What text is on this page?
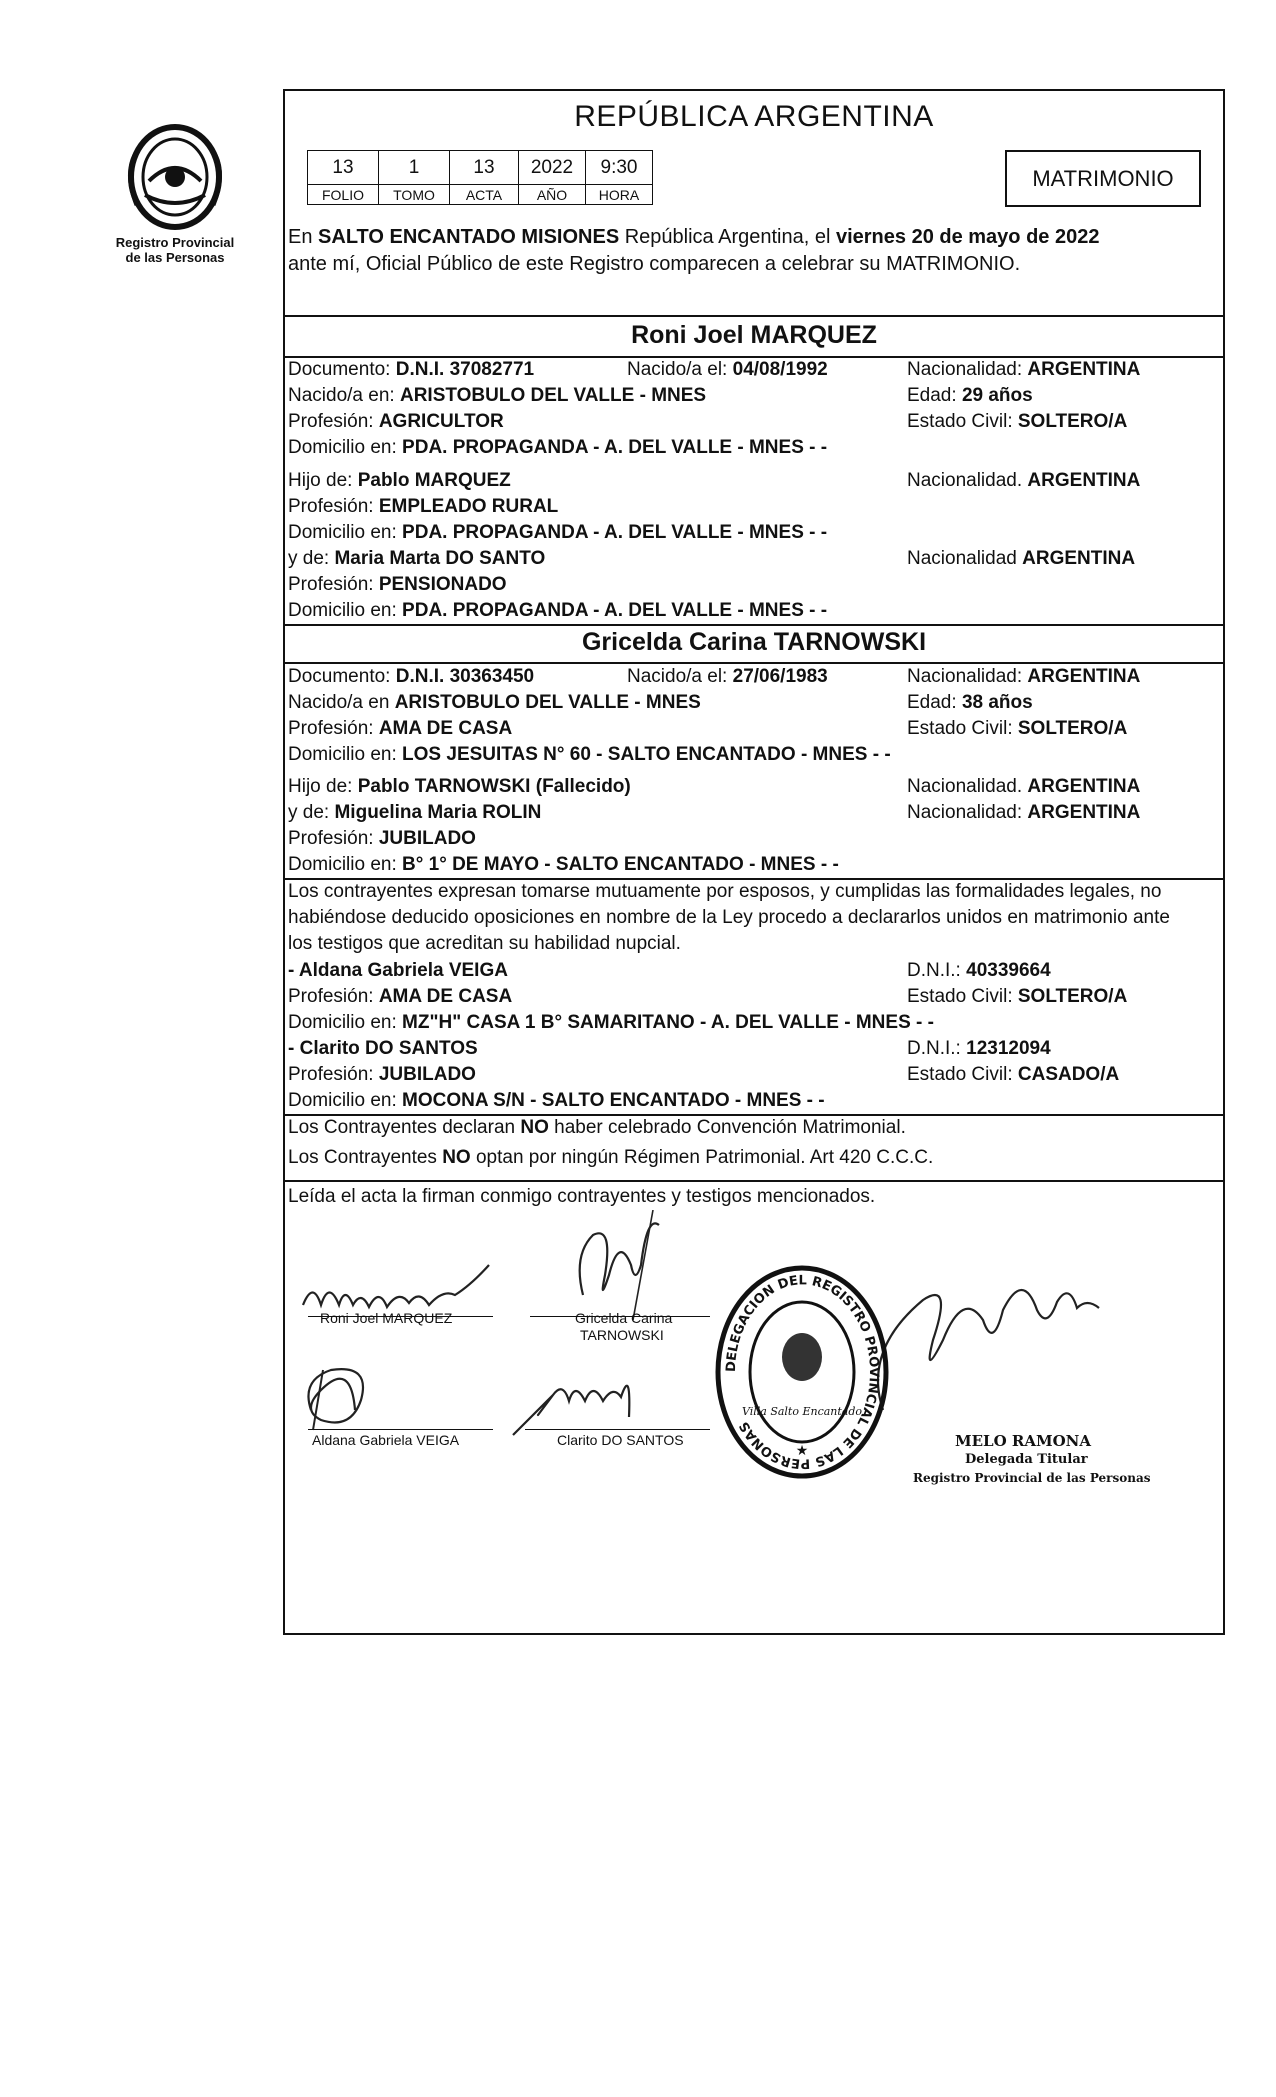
Registro Provincial
de las Personas
REPÚBLICA ARGENTINA
13	1	13	2022	9:30
FOLIO	TOMO	ACTA	AÑO	HORA
MATRIMONIO
En SALTO ENCANTADO MISIONES República Argentina, el viernes 20 de mayo de 2022
ante mí, Oficial Público de este Registro comparecen a celebrar su MATRIMONIO.
Roni Joel MARQUEZ
Documento: D.N.I. 37082771	Nacido/a el: 04/08/1992	Nacionalidad: ARGENTINA
Nacido/a en: ARISTOBULO DEL VALLE - MNES	Edad: 29 años
Profesión: AGRICULTOR	Estado Civil: SOLTERO/A
Domicilio en: PDA. PROPAGANDA - A. DEL VALLE - MNES - -
Hijo de: Pablo MARQUEZ	Nacionalidad. ARGENTINA
Profesión: EMPLEADO RURAL
Domicilio en: PDA. PROPAGANDA - A. DEL VALLE - MNES - -
y de: Maria Marta DO SANTO	Nacionalidad ARGENTINA
Profesión: PENSIONADO
Domicilio en: PDA. PROPAGANDA - A. DEL VALLE - MNES - -
Gricelda Carina TARNOWSKI
Documento: D.N.I. 30363450	Nacido/a el: 27/06/1983	Nacionalidad: ARGENTINA
Nacido/a en ARISTOBULO DEL VALLE - MNES	Edad: 38 años
Profesión: AMA DE CASA	Estado Civil: SOLTERO/A
Domicilio en: LOS JESUITAS N° 60 - SALTO ENCANTADO - MNES - -
Hijo de: Pablo TARNOWSKI (Fallecido)	Nacionalidad. ARGENTINA
y de: Miguelina Maria ROLIN	Nacionalidad: ARGENTINA
Profesión: JUBILADO
Domicilio en: B° 1° DE MAYO - SALTO ENCANTADO - MNES - -
Los contrayentes expresan tomarse mutuamente por esposos, y cumplidas las formalidades legales, no
habiéndose deducido oposiciones en nombre de la Ley procedo a declararlos unidos en matrimonio ante
los testigos que acreditan su habilidad nupcial.
- Aldana Gabriela VEIGA	D.N.I.: 40339664
Profesión: AMA DE CASA	Estado Civil: SOLTERO/A
Domicilio en: MZ"H" CASA 1 B° SAMARITANO - A. DEL VALLE - MNES - -
- Clarito DO SANTOS	D.N.I.: 12312094
Profesión: JUBILADO	Estado Civil: CASADO/A
Domicilio en: MOCONA S/N - SALTO ENCANTADO - MNES - -
Los Contrayentes declaran NO haber celebrado Convención Matrimonial.
Los Contrayentes NO optan por ningún Régimen Patrimonial. Art 420 C.C.C.
Leída el acta la firman conmigo contrayentes y testigos mencionados.
Roni Joel MARQUEZ	Gricelda Carina
TARNOWSKI
Aldana Gabriela VEIGA	Clarito DO SANTOS
DELEGACION DEL REGISTRO PROVINCIAL DE LAS PERSONAS
Villa Salto Encantado
★	MELO RAMONA
Delegada Titular
Registro Provincial de las Personas
